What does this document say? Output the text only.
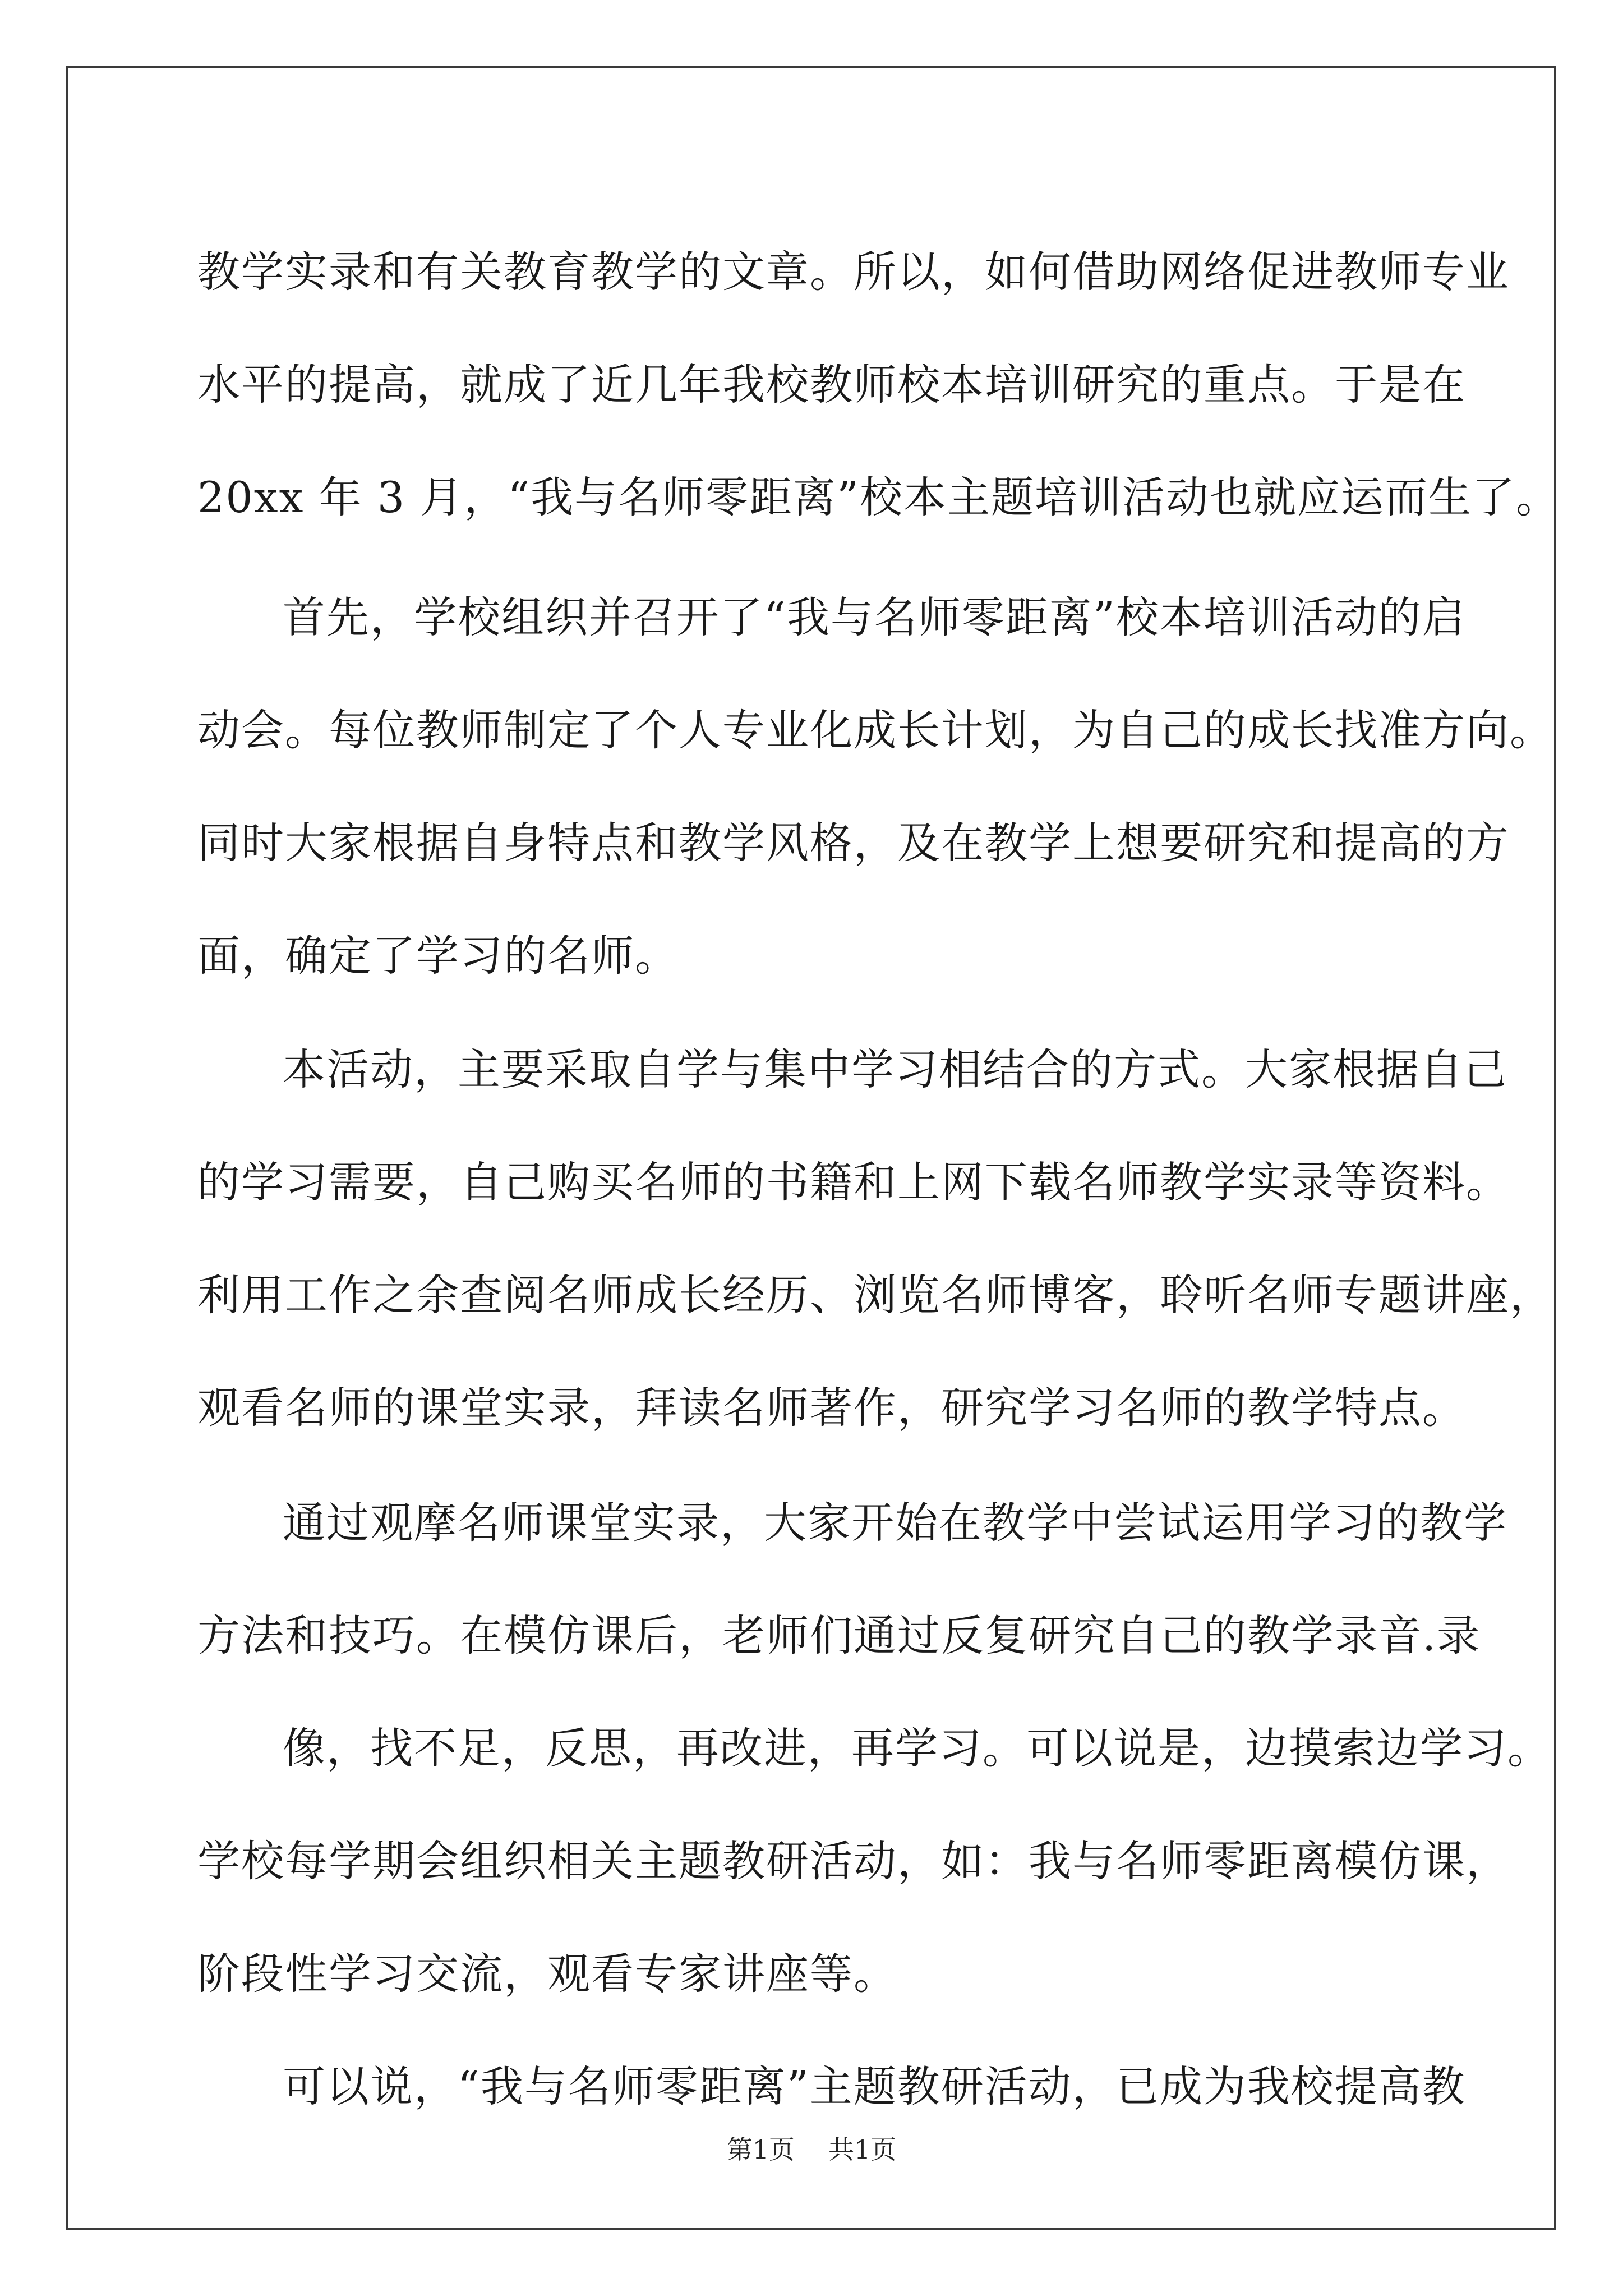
教学实录和有关教育教学的文章。所以，如何借助网络促进教师专业
水平的提高，就成了近几年我校教师校本培训研究的重点。于是在
20xx 年 3 月，“我与名师零距离”校本主题培训活动也就应运而生了。
首先，学校组织并召开了“我与名师零距离”校本培训活动的启
动会。每位教师制定了个人专业化成长计划，为自己的成长找准方向。
同时大家根据自身特点和教学风格，及在教学上想要研究和提高的方
面，确定了学习的名师。
本活动，主要采取自学与集中学习相结合的方式。大家根据自己
的学习需要，自己购买名师的书籍和上网下载名师教学实录等资料。
利用工作之余查阅名师成长经历、浏览名师博客，聆听名师专题讲座，
观看名师的课堂实录，拜读名师著作，研究学习名师的教学特点。
通过观摩名师课堂实录，大家开始在教学中尝试运用学习的教学
方法和技巧。在模仿课后，老师们通过反复研究自己的教学录音.录
像，找不足，反思，再改进，再学习。可以说是，边摸索边学习。
学校每学期会组织相关主题教研活动，如：我与名师零距离模仿课，
阶段性学习交流，观看专家讲座等。
可以说，“我与名师零距离”主题教研活动，已成为我校提高教
第1页 共1页
